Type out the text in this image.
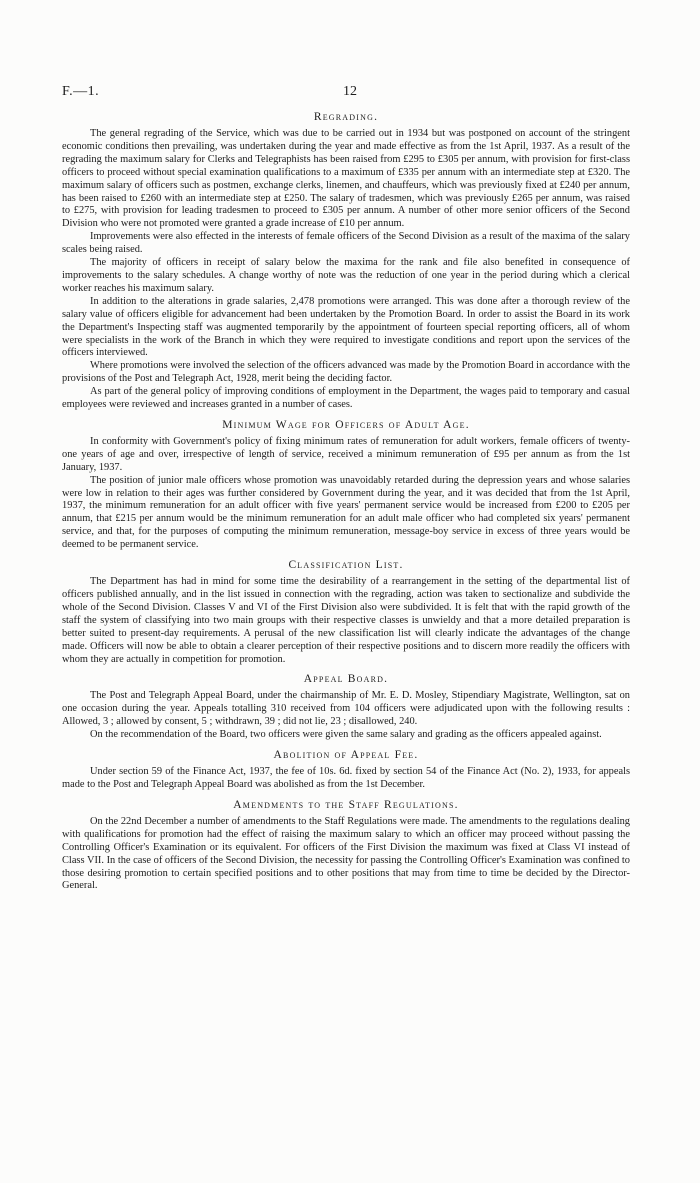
F.—1.	12
Regrading.

The general regrading of the Service, which was due to be carried out in 1934 but was postponed on account of the stringent economic conditions then prevailing, was undertaken during the year and made effective as from the 1st April, 1937. As a result of the regrading the maximum salary for Clerks and Telegraphists has been raised from £295 to £305 per annum, with provision for first-class officers to proceed without special examination qualifications to a maximum of £335 per annum with an intermediate step at £320. The maximum salary of officers such as postmen, exchange clerks, linemen, and chauffeurs, which was previously fixed at £240 per annum, has been raised to £260 with an intermediate step at £250. The salary of tradesmen, which was previously £265 per annum, was raised to £275, with provision for leading tradesmen to proceed to £305 per annum. A number of other more senior officers of the Second Division who were not promoted were granted a grade increase of £10 per annum.

Improvements were also effected in the interests of female officers of the Second Division as a result of the maxima of the salary scales being raised.

The majority of officers in receipt of salary below the maxima for the rank and file also benefited in consequence of improvements to the salary schedules. A change worthy of note was the reduction of one year in the period during which a clerical worker reaches his maximum salary.

In addition to the alterations in grade salaries, 2,478 promotions were arranged. This was done after a thorough review of the salary value of officers eligible for advancement had been undertaken by the Promotion Board. In order to assist the Board in its work the Department's Inspecting staff was augmented temporarily by the appointment of fourteen special reporting officers, all of whom were specialists in the work of the Branch in which they were required to investigate conditions and report upon the services of the officers interviewed.

Where promotions were involved the selection of the officers advanced was made by the Promotion Board in accordance with the provisions of the Post and Telegraph Act, 1928, merit being the deciding factor.

As part of the general policy of improving conditions of employment in the Department, the wages paid to temporary and casual employees were reviewed and increases granted in a number of cases.

Minimum Wage for Officers of Adult Age.

In conformity with Government's policy of fixing minimum rates of remuneration for adult workers, female officers of twenty-one years of age and over, irrespective of length of service, received a minimum remuneration of £95 per annum as from the 1st January, 1937.

The position of junior male officers whose promotion was unavoidably retarded during the depression years and whose salaries were low in relation to their ages was further considered by Government during the year, and it was decided that from the 1st April, 1937, the minimum remuneration for an adult officer with five years' permanent service would be increased from £200 to £205 per annum, that £215 per annum would be the minimum remuneration for an adult male officer who had completed six years' permanent service, and that, for the purposes of computing the minimum remuneration, message-boy service in excess of three years would be deemed to be permanent service.

Classification List.

The Department has had in mind for some time the desirability of a rearrangement in the setting of the departmental list of officers published annually, and in the list issued in connection with the regrading, action was taken to sectionalize and subdivide the whole of the Second Division. Classes V and VI of the First Division also were subdivided. It is felt that with the rapid growth of the staff the system of classifying into two main groups with their respective classes is unwieldy and that a more detailed preparation is better suited to present-day requirements. A perusal of the new classification list will clearly indicate the advantages of the change made. Officers will now be able to obtain a clearer perception of their respective positions and to discern more readily the officers with whom they are actually in competition for promotion.

Appeal Board.

The Post and Telegraph Appeal Board, under the chairmanship of Mr. E. D. Mosley, Stipendiary Magistrate, Wellington, sat on one occasion during the year. Appeals totalling 310 received from 104 officers were adjudicated upon with the following results : Allowed, 3 ; allowed by consent, 5 ; withdrawn, 39 ; did not lie, 23 ; disallowed, 240.

On the recommendation of the Board, two officers were given the same salary and grading as the officers appealed against.

Abolition of Appeal Fee.

Under section 59 of the Finance Act, 1937, the fee of 10s. 6d. fixed by section 54 of the Finance Act (No. 2), 1933, for appeals made to the Post and Telegraph Appeal Board was abolished as from the 1st December.

Amendments to the Staff Regulations.

On the 22nd December a number of amendments to the Staff Regulations were made. The amendments to the regulations dealing with qualifications for promotion had the effect of raising the maximum salary to which an officer may proceed without passing the Controlling Officer's Examination or its equivalent. For officers of the First Division the maximum was fixed at Class VI instead of Class VII. In the case of officers of the Second Division, the necessity for passing the Controlling Officer's Examination was confined to those desiring promotion to certain specified positions and to other positions that may from time to time be decided by the Director-General.
